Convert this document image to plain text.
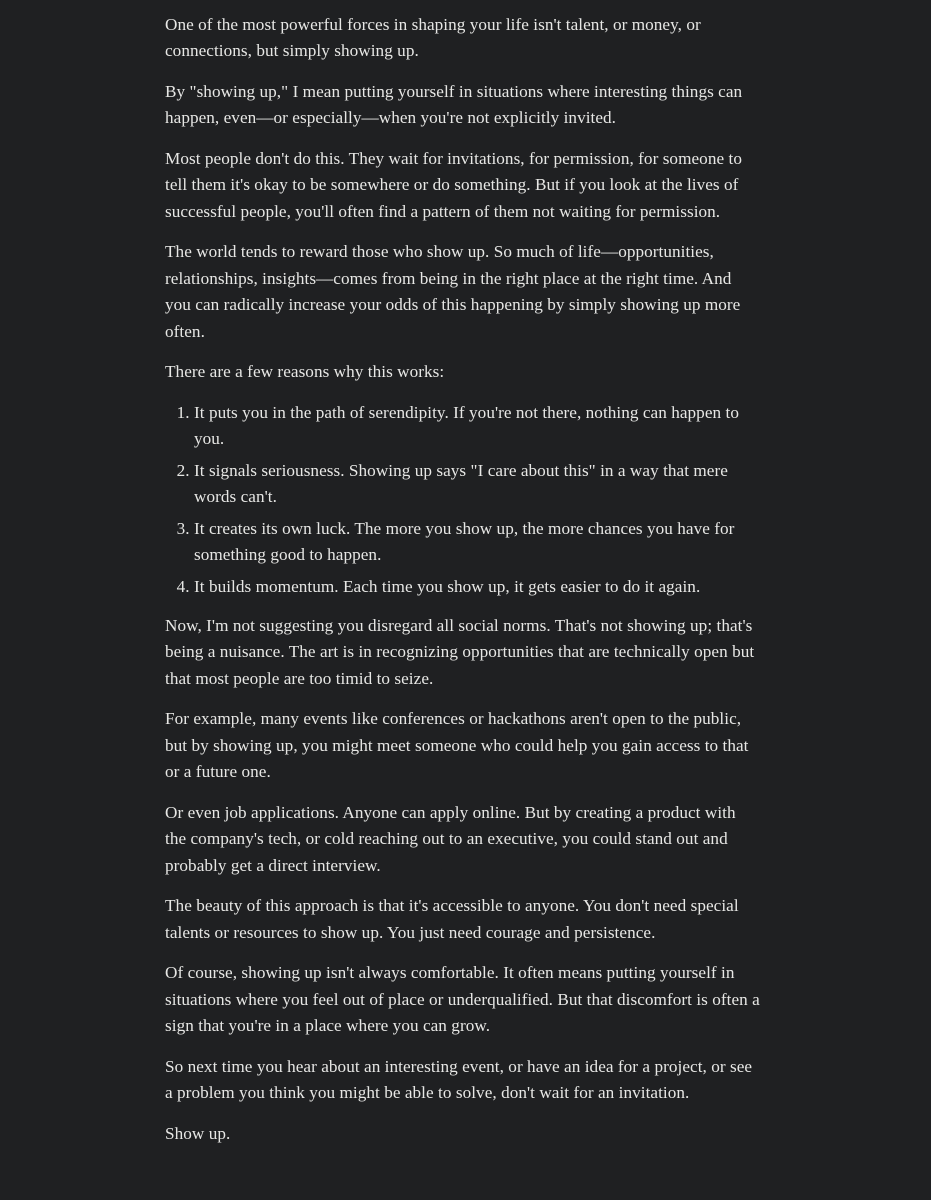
One of the most powerful forces in shaping your life isn't talent, or money, or connections, but simply showing up.

By "showing up," I mean putting yourself in situations where interesting things can happen, even—or especially—when you're not explicitly invited.

Most people don't do this. They wait for invitations, for permission, for someone to tell them it's okay to be somewhere or do something. But if you look at the lives of successful people, you'll often find a pattern of them not waiting for permission.

The world tends to reward those who show up. So much of life—opportunities, relationships, insights—comes from being in the right place at the right time. And you can radically increase your odds of this happening by simply showing up more often.

There are a few reasons why this works:

1. It puts you in the path of serendipity. If you're not there, nothing can happen to you.
2. It signals seriousness. Showing up says "I care about this" in a way that mere words can't.
3. It creates its own luck. The more you show up, the more chances you have for something good to happen.
4. It builds momentum. Each time you show up, it gets easier to do it again.

Now, I'm not suggesting you disregard all social norms. That's not showing up; that's being a nuisance. The art is in recognizing opportunities that are technically open but that most people are too timid to seize.

For example, many events like conferences or hackathons aren't open to the public, but by showing up, you might meet someone who could help you gain access to that or a future one.

Or even job applications. Anyone can apply online. But by creating a product with the company's tech, or cold reaching out to an executive, you could stand out and probably get a direct interview.

The beauty of this approach is that it's accessible to anyone. You don't need special talents or resources to show up. You just need courage and persistence.

Of course, showing up isn't always comfortable. It often means putting yourself in situations where you feel out of place or underqualified. But that discomfort is often a sign that you're in a place where you can grow.

So next time you hear about an interesting event, or have an idea for a project, or see a problem you think you might be able to solve, don't wait for an invitation.

Show up.
